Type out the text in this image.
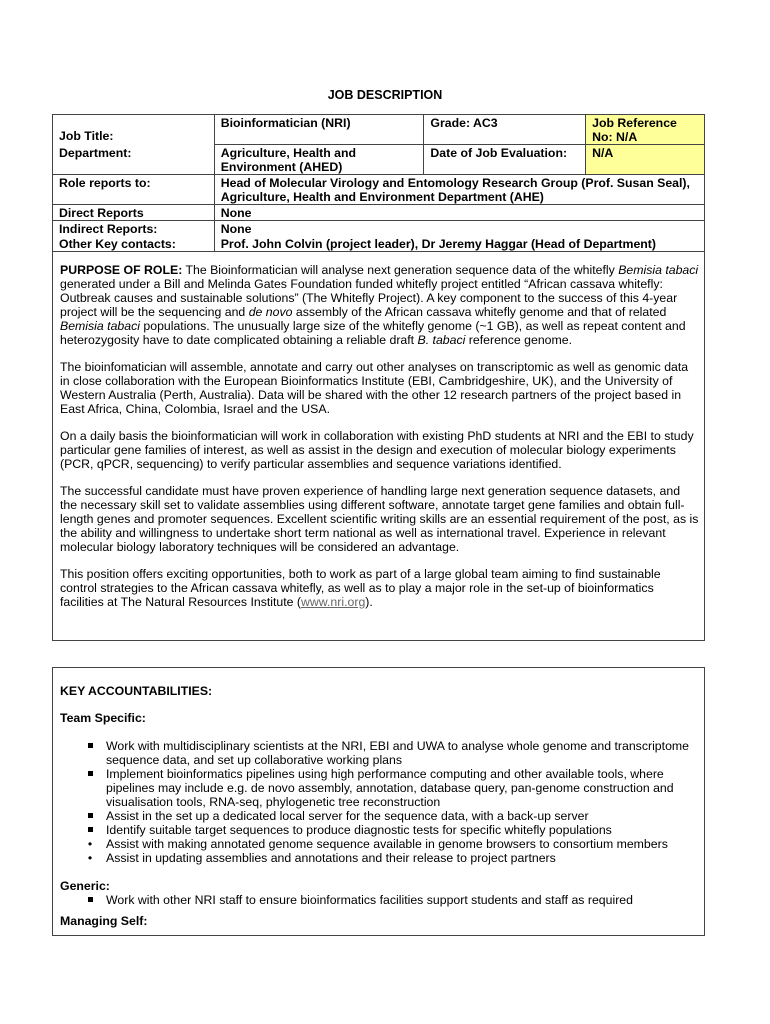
JOB DESCRIPTION
Job Title:	Bioinformatician (NRI)	Grade: AC3	Job Reference No: N/A
Department:	Agriculture, Health and Environment (AHED)	Date of Job Evaluation:	N/A
Role reports to:	Head of Molecular Virology and Entomology Research Group (Prof. Susan Seal), Agriculture, Health and Environment Department (AHE)		
Direct Reports	None		
Indirect Reports:	None		
Other Key contacts:	Prof. John Colvin (project leader), Dr Jeremy Haggar (Head of Department)		

PURPOSE OF ROLE: The Bioinformatician will analyse next generation sequence data of the whitefly Bemisia tabaci generated under a Bill and Melinda Gates Foundation funded whitefly project entitled “African cassava whitefly: Outbreak causes and sustainable solutions” (The Whitefly Project). A key component to the success of this 4-year project will be the sequencing and de novo assembly of the African cassava whitefly genome and that of related Bemisia tabaci populations. The unusually large size of the whitefly genome (~1 GB), as well as repeat content and heterozygosity have to date complicated obtaining a reliable draft B. tabaci reference genome.

The bioinfomatician will assemble, annotate and carry out other analyses on transcriptomic as well as genomic data in close collaboration with the European Bioinformatics Institute (EBI, Cambridgeshire, UK), and the University of Western Australia (Perth, Australia). Data will be shared with the other 12 research partners of the project based in East Africa, China, Colombia, Israel and the USA.

On a daily basis the bioinformatician will work in collaboration with existing PhD students at NRI and the EBI to study particular gene families of interest, as well as assist in the design and execution of molecular biology experiments (PCR, qPCR, sequencing) to verify particular assemblies and sequence variations identified.

The successful candidate must have proven experience of handling large next generation sequence datasets, and the necessary skill set to validate assemblies using different software, annotate target gene families and obtain full-length genes and promoter sequences. Excellent scientific writing skills are an essential requirement of the post, as is the ability and willingness to undertake short term national as well as international travel. Experience in relevant molecular biology laboratory techniques will be considered an advantage.

This position offers exciting opportunities, both to work as part of a large global team aiming to find sustainable control strategies to the African cassava whitefly, as well as to play a major role in the set-up of bioinformatics facilities at The Natural Resources Institute (www.nri.org).

KEY ACCOUNTABILITIES:
Team Specific:
Work with multidisciplinary scientists at the NRI, EBI and UWA to analyse whole genome and transcriptome sequence data, and set up collaborative working plans
Implement bioinformatics pipelines using high performance computing and other available tools, where pipelines may include e.g. de novo assembly, annotation, database query, pan-genome construction and visualisation tools, RNA-seq, phylogenetic tree reconstruction
Assist in the set up a dedicated local server for the sequence data, with a back-up server
Identify suitable target sequences to produce diagnostic tests for specific whitefly populations
•
Assist with making annotated genome sequence available in genome browsers to consortium members
•
Assist in updating assemblies and annotations and their release to project partners
Generic:
Work with other NRI staff to ensure bioinformatics facilities support students and staff as required
Managing Self:
